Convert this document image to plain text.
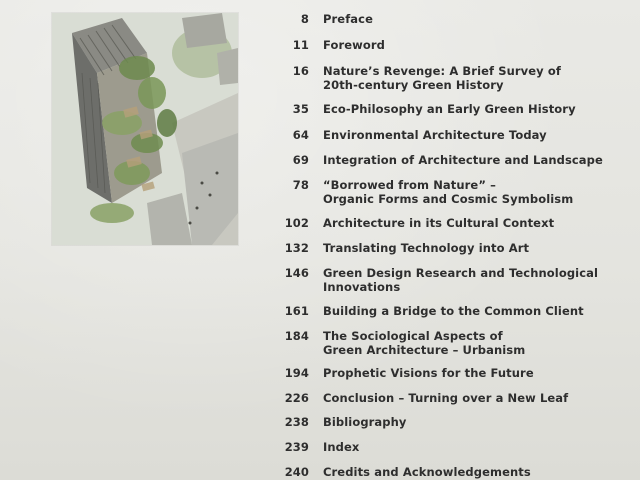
8 Preface
11 Foreword
16 Nature’s Revenge: A Brief Survey of
20th-century Green History
35 Eco-Philosophy an Early Green History
64 Environmental Architecture Today
69 Integration of Architecture and Landscape
78 “Borrowed from Nature” –
Organic Forms and Cosmic Symbolism
102 Architecture in its Cultural Context
132 Translating Technology into Art
146 Green Design Research and Technological
Innovations
161 Building a Bridge to the Common Client
184 The Sociological Aspects of
Green Architecture – Urbanism
194 Prophetic Visions for the Future
226 Conclusion – Turning over a New Leaf
238 Bibliography
239 Index
240 Credits and Acknowledgements
